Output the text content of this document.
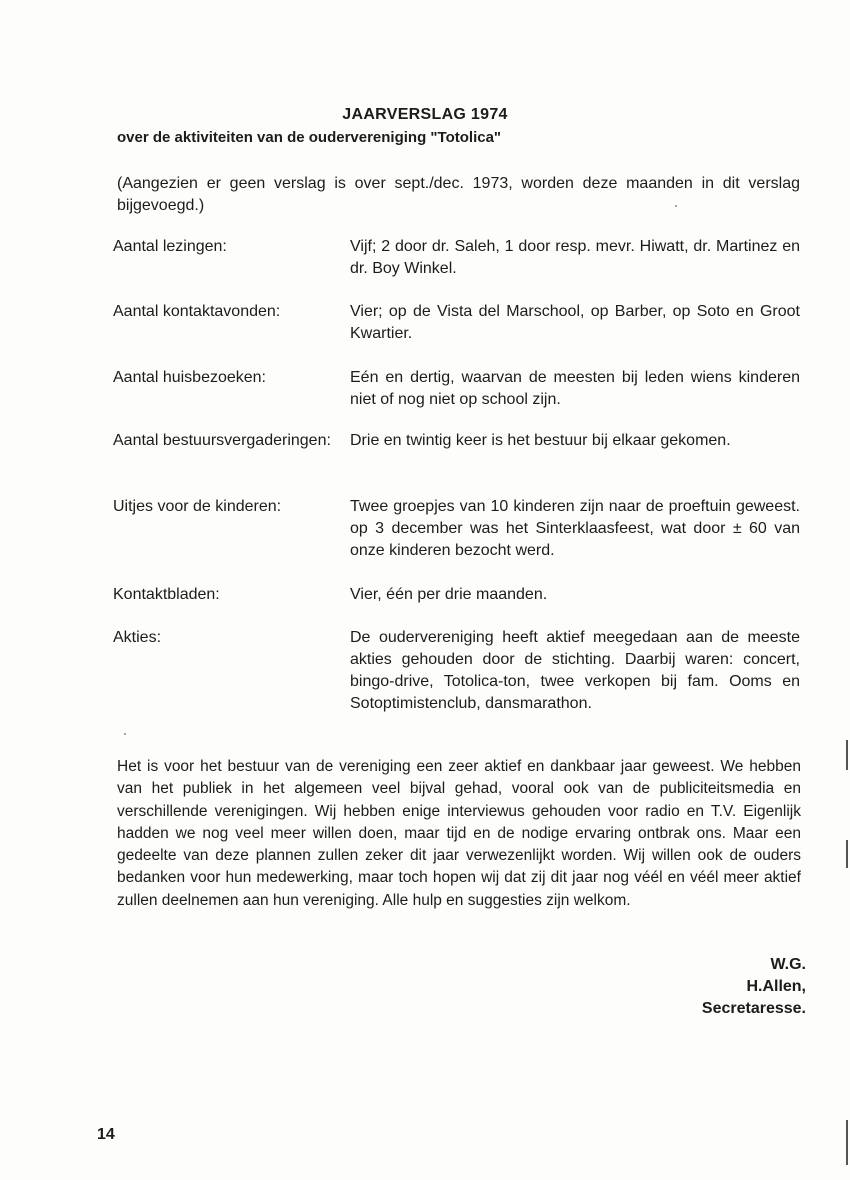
JAARVERSLAG 1974
over de aktiviteiten van de oudervereniging "Totolica"
(Aangezien er geen verslag is over sept./dec. 1973, worden deze maanden in dit verslag bijgevoegd.)
Aantal lezingen:	Vijf; 2 door dr. Saleh, 1 door resp. mevr. Hiwatt, dr. Martinez en dr. Boy Winkel.
Aantal kontaktavonden:	Vier; op de Vista del Marschool, op Barber, op Soto en Groot Kwartier.
Aantal huisbezoeken:	Eén en dertig, waarvan de meesten bij leden wiens kinderen niet of nog niet op school zijn.
Aantal bestuursvergaderingen: Drie en twintig keer is het bestuur bij elkaar gekomen.
Uitjes voor de kinderen:	Twee groepjes van 10 kinderen zijn naar de proeftuin geweest. op 3 december was het Sinterklaasfeest, wat door ± 60 van onze kinderen bezocht werd.
Kontaktbladen:	Vier, één per drie maanden.
Akties:	De oudervereniging heeft aktief meegedaan aan de meeste akties gehouden door de stichting. Daarbij waren: concert, bingo-drive, Totolica-ton, twee verkopen bij fam. Ooms en Sotoptimistenclub, dansmarathon.
Het is voor het bestuur van de vereniging een zeer aktief en dankbaar jaar geweest. We hebben van het publiek in het algemeen veel bijval gehad, vooral ook van de publiciteitsmedia en verschillende verenigingen. Wij hebben enige interviewus gehouden voor radio en T.V. Eigenlijk hadden we nog veel meer willen doen, maar tijd en de nodige ervaring ontbrak ons. Maar een gedeelte van deze plannen zullen zeker dit jaar verwezenlijkt worden. Wij willen ook de ouders bedanken voor hun medewerking, maar toch hopen wij dat zij dit jaar nog véél en véél meer aktief zullen deelnemen aan hun vereniging. Alle hulp en suggesties zijn welkom.
W.G.
H.Allen,
Secretaresse.
14
